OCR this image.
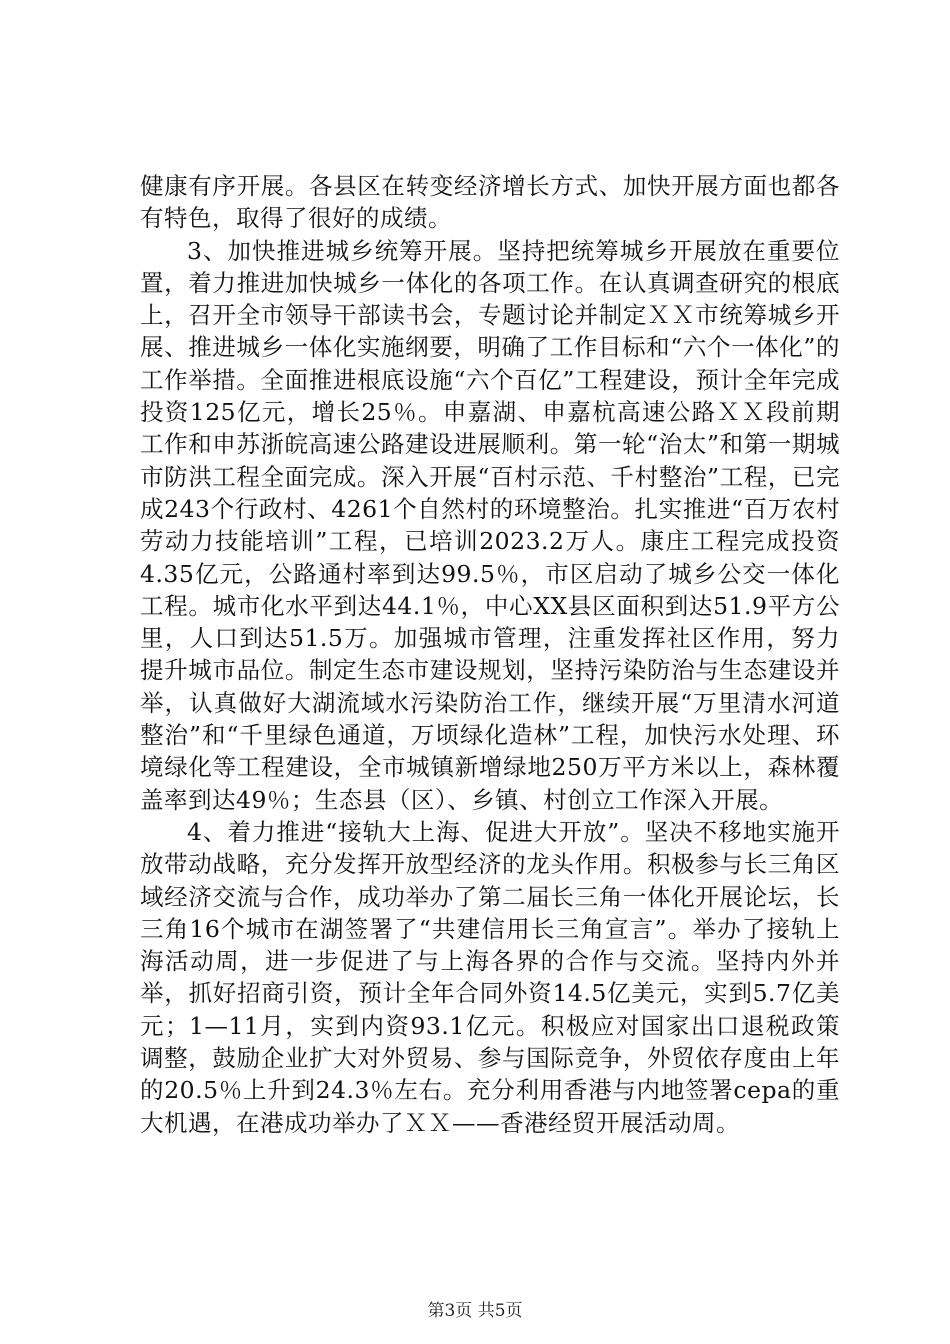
健康有序开展。各县区在转变经济增长方式、加快开展方面也都各有特色，取得了很好的成绩。

3、加快推进城乡统筹开展。坚持把统筹城乡开展放在重要位置，着力推进加快城乡一体化的各项工作。在认真调查研究的根底上，召开全市领导干部读书会，专题讨论并制定ＸＸ市统筹城乡开展、推进城乡一体化实施纲要，明确了工作目标和“六个一体化”的工作举措。全面推进根底设施“六个百亿”工程建设，预计全年完成投资125亿元，增长25％。申嘉湖、申嘉杭高速公路ＸＸ段前期工作和申苏浙皖高速公路建设进展顺利。第一轮“治太”和第一期城市防洪工程全面完成。深入开展“百村示范、千村整治”工程，已完成243个行政村、4261个自然村的环境整治。扎实推进“百万农村劳动力技能培训”工程，已培训2023.2万人。康庄工程完成投资4.35亿元，公路通村率到达99.5％，市区启动了城乡公交一体化工程。城市化水平到达44.1％，中心XX县区面积到达51.9平方公里，人口到达51.5万。加强城市管理，注重发挥社区作用，努力提升城市品位。制定生态市建设规划，坚持污染防治与生态建设并举，认真做好大湖流域水污染防治工作，继续开展“万里清水河道整治”和“千里绿色通道，万顷绿化造林”工程，加快污水处理、环境绿化等工程建设，全市城镇新增绿地250万平方米以上，森林覆盖率到达49％；生态县（区）、乡镇、村创立工作深入开展。

4、着力推进“接轨大上海、促进大开放”。坚决不移地实施开放带动战略，充分发挥开放型经济的龙头作用。积极参与长三角区域经济交流与合作，成功举办了第二届长三角一体化开展论坛，长三角16个城市在湖签署了“共建信用长三角宣言”。举办了接轨上海活动周，进一步促进了与上海各界的合作与交流。坚持内外并举，抓好招商引资，预计全年合同外资14.5亿美元，实到5.7亿美元；1—11月，实到内资93.1亿元。积极应对国家出口退税政策调整，鼓励企业扩大对外贸易、参与国际竞争，外贸依存度由上年的20.5％上升到24.3％左右。充分利用香港与内地签署cepa的重大机遇，在港成功举办了ＸＸ——香港经贸开展活动周。

第3页 共5页
